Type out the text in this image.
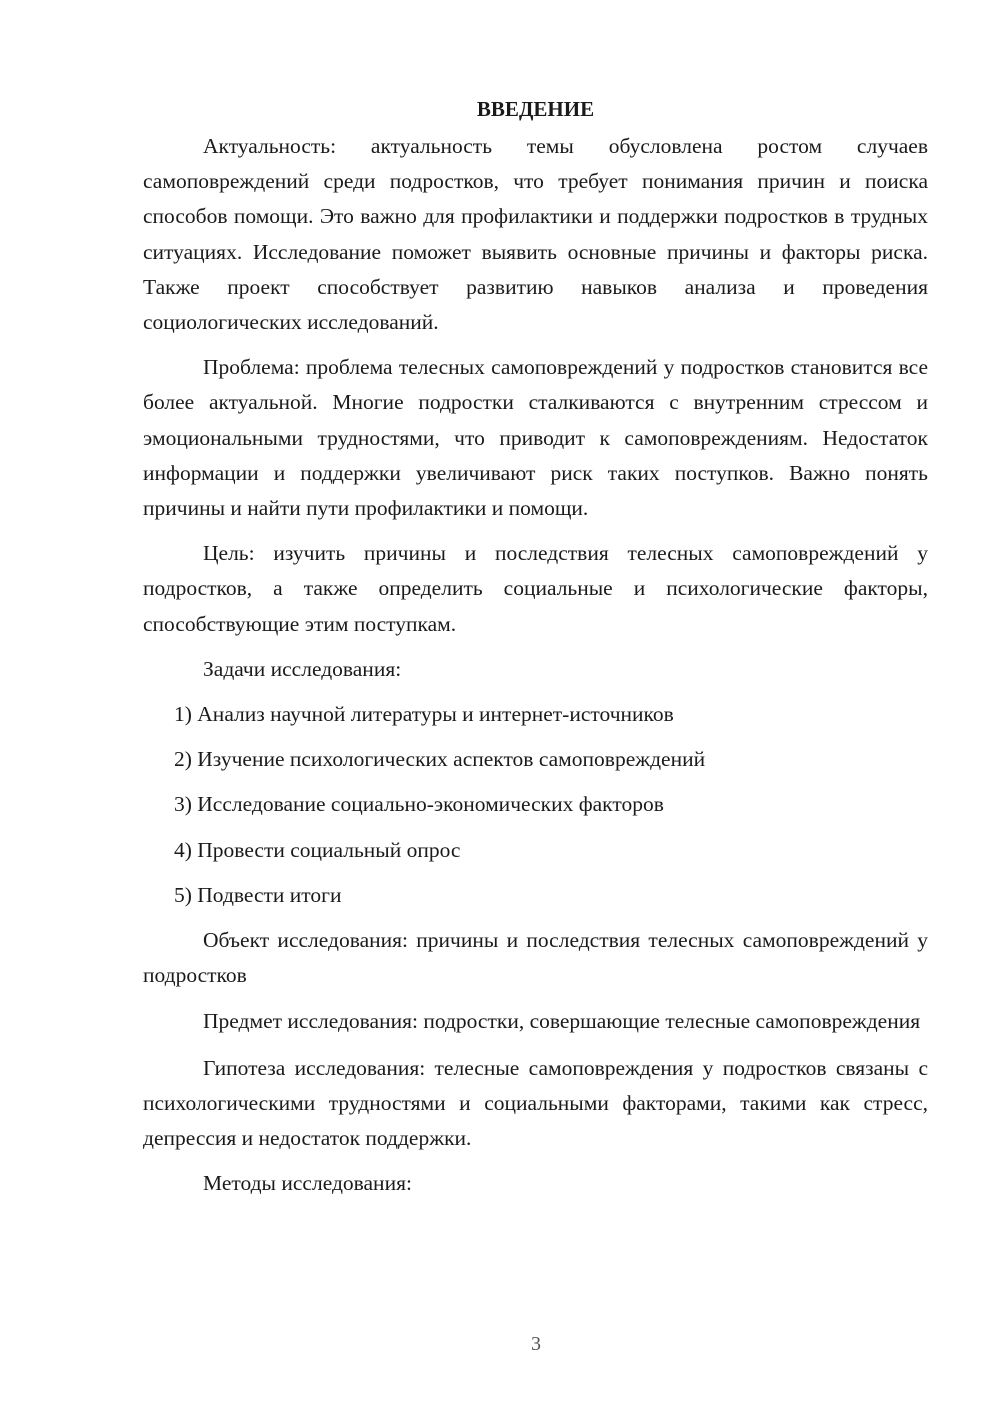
ВВЕДЕНИЕ

Актуальность: актуальность темы обусловлена ростом случаев самоповреждений среди подростков, что требует понимания причин и поиска способов помощи. Это важно для профилактики и поддержки подростков в трудных ситуациях. Исследование поможет выявить основные причины и факторы риска. Также проект способствует развитию навыков анализа и проведения социологических исследований.

Проблема: проблема телесных самоповреждений у подростков становится все более актуальной. Многие подростки сталкиваются с внутренним стрессом и эмоциональными трудностями, что приводит к самоповреждениям. Недостаток информации и поддержки увеличивают риск таких поступков. Важно понять причины и найти пути профилактики и помощи.

Цель: изучить причины и последствия телесных самоповреждений у подростков, а также определить социальные и психологические факторы, способствующие этим поступкам.

Задачи исследования:

1) Анализ научной литературы и интернет-источников
2) Изучение психологических аспектов самоповреждений
3) Исследование социально-экономических факторов
4) Провести социальный опрос
5) Подвести итоги

Объект исследования: причины и последствия телесных самоповреждений у подростков

Предмет исследования: подростки, совершающие телесные самоповреждения

Гипотеза исследования: телесные самоповреждения у подростков связаны с психологическими трудностями и социальными факторами, такими как стресс, депрессия и недостаток поддержки.

Методы исследования:

3
